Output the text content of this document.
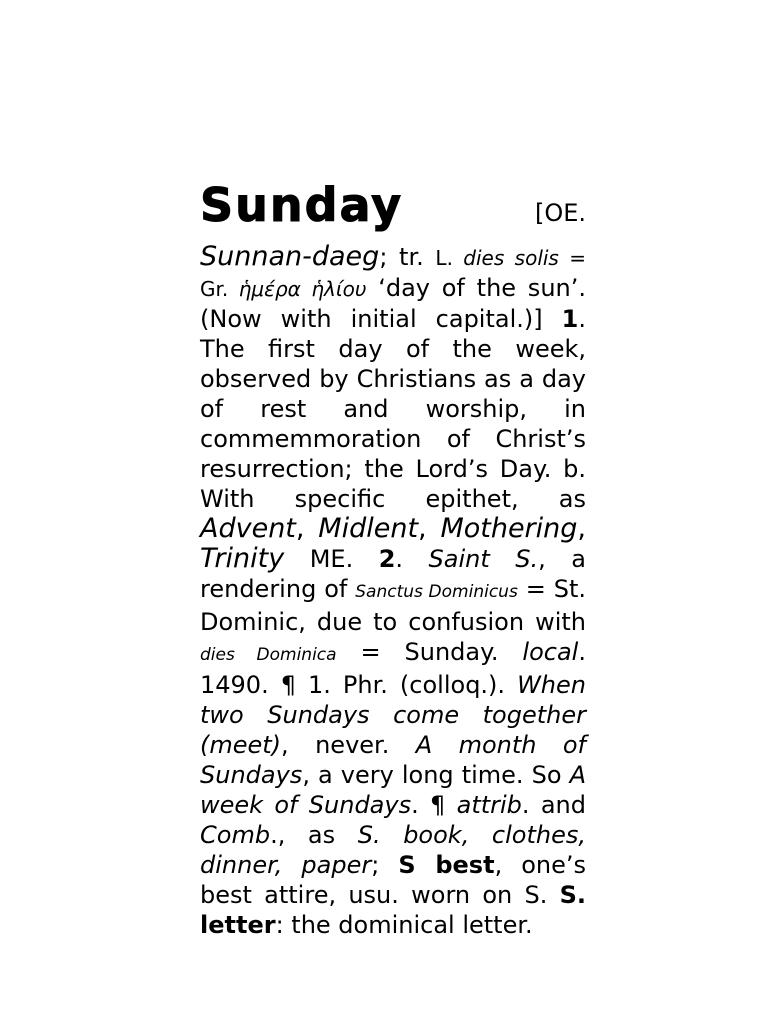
Sunday	[OE.
Sunnan-daeg; tr. L. dies solis = Gr. ἡμέρα ἡλίου ‘day of the sun’. (Now with initial capital.)] 1. The first day of the week, observed by Christians as a day of rest and worship, in commemmoration of Christ’s resurrection; the Lord’s Day. b. With specific epithet, as Advent, Midlent, Mothering, Trinity ME. 2. Saint S., a rendering of Sanctus Dominicus = St. Dominic, due to confusion with dies Dominica = Sunday. local. 1490. ¶ 1. Phr. (colloq.). When two Sundays come together (meet), never. A month of Sundays, a very long time. So A week of Sundays. ¶ attrib. and Comb., as S. book, clothes, dinner, paper; S best, one’s best attire, usu. worn on S. S. letter: the dominical letter.
